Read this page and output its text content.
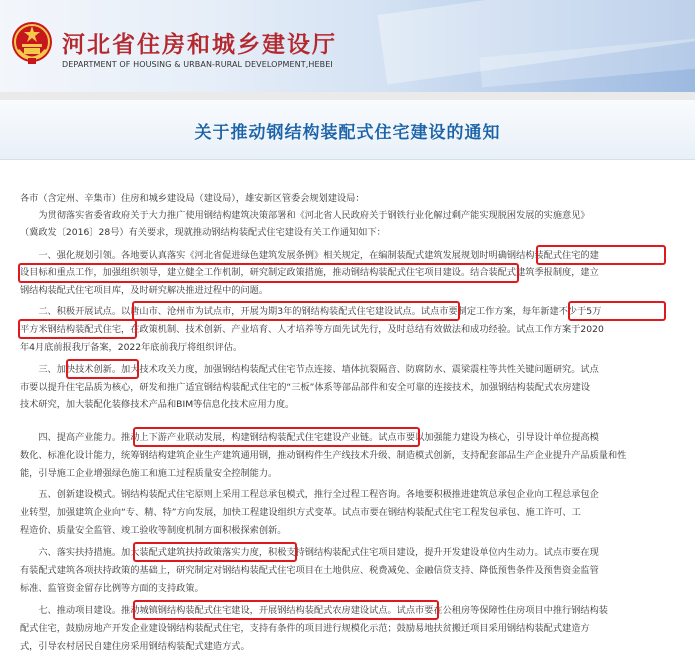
河北省住房和城乡建设厅
DEPARTMENT OF HOUSING & URBAN-RURAL DEVELOPMENT,HEBEI
关于推动钢结构装配式住宅建设的通知
各市（含定州、辛集市）住房和城乡建设局（建设局），雄安新区管委会规划建设局：
　　为贯彻落实省委省政府关于大力推广使用钢结构建筑决策部署和《河北省人民政府关于钢铁行业化解过剩产能实现脱困发展的实施意见》
（冀政发〔2016〕28号）有关要求，现就推动钢结构装配式住宅建设有关工作通知如下：
　　一、强化规划引领。各地要认真落实《河北省促进绿色建筑发展条例》相关规定，在编制装配式建筑发展规划时明确钢结构装配式住宅的建
设目标和重点工作，加强组织领导，建立健全工作机制，研究制定政策措施，推动钢结构装配式住宅项目建设。结合装配式建筑季报制度，建立
钢结构装配式住宅项目库，及时研究解决推进过程中的问题。
　　二、积极开展试点。以唐山市、沧州市为试点市，开展为期3年的钢结构装配式住宅建设试点。试点市要制定工作方案，每年新建不少于5万
平方米钢结构装配式住宅，在政策机制、技术创新、产业培育、人才培养等方面先试先行，及时总结有效做法和成功经验。试点工作方案于2020
年4月底前报我厅备案，2022年底前我厅将组织评估。
　　三、加快技术创新。加大技术攻关力度，加强钢结构装配式住宅节点连接、墙体抗裂隔音、防腐防水、震梁震柱等共性关键问题研究。试点
市要以提升住宅品质为核心，研发和推广适宜钢结构装配式住宅的“三板”体系等部品部件和安全可靠的连接技术，加强钢结构装配式农房建设
技术研究，加大装配化装修技术产品和BIM等信息化技术应用力度。
　　四、提高产业能力。推动上下游产业联动发展，构建钢结构装配式住宅建设产业链。试点市要以加强能力建设为核心，引导设计单位提高模
数化、标准化设计能力，统筹钢结构建筑企业生产建筑通用钢，推动钢构件生产线技术升级、制造模式创新，支持配套部品生产企业提升产品质量和性
能，引导施工企业增强绿色施工和施工过程质量安全控制能力。
　　五、创新建设模式。钢结构装配式住宅原则上采用工程总承包模式，推行全过程工程咨询。各地要积极推进建筑总承包企业向工程总承包企
业转型，加强建筑企业向“专、精、特”方向发展，加快工程建设组织方式变革。试点市要在钢结构装配式住宅工程发包承包、施工许可、工
程造价、质量安全监管、竣工验收等制度机制方面积极探索创新。
　　六、落实扶持措施。加大装配式建筑扶持政策落实力度，积极支持钢结构装配式住宅项目建设，提升开发建设单位内生动力。试点市要在现
有装配式建筑各项扶持政策的基础上，研究制定对钢结构装配式住宅项目在土地供应、税费减免、金融信贷支持、降低预售条件及预售资金监管
标准、监管资金留存比例等方面的支持政策。
　　七、推动项目建设。推动城镇钢结构装配式住宅建设，开展钢结构装配式农房建设试点。试点市要在公租房等保障性住房项目中推行钢结构装
配式住宅，鼓励房地产开发企业建设钢结构装配式住宅，支持有条件的项目进行规模化示范；鼓励易地扶贫搬迁项目采用钢结构装配式建造方
式，引导农村居民自建住房采用钢结构装配式建造方式。
